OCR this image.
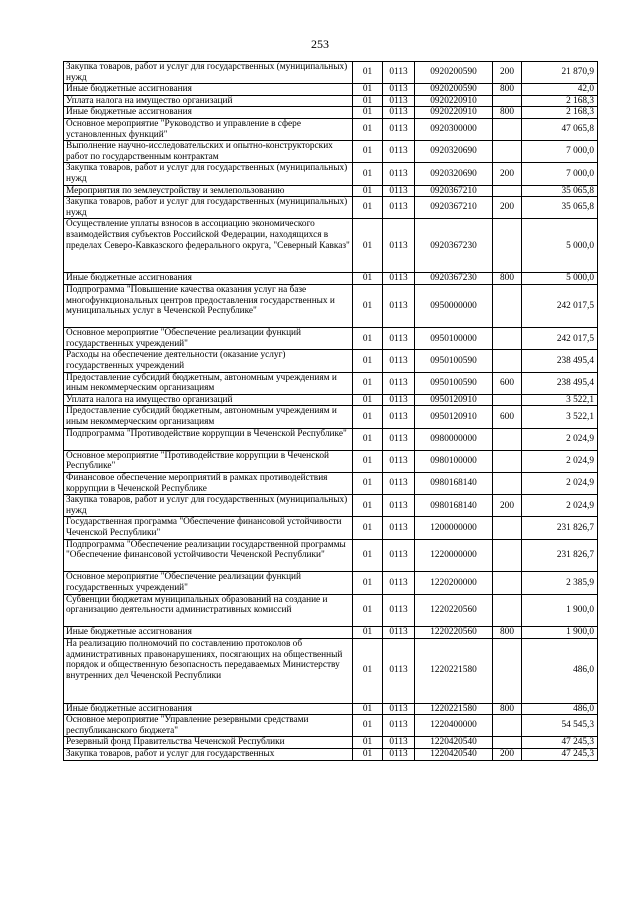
253
Закупка товаров, работ и услуг для государственных (муниципальных) нужд	01	0113	0920200590	200	21 870,9
Иные бюджетные ассигнования	01	0113	0920200590	800	42,0
Уплата налога на имущество организаций	01	0113	0920220910		2 168,3
Иные бюджетные ассигнования	01	0113	0920220910	800	2 168,3
Основное мероприятие "Руководство и управление в сфере установленных функций"	01	0113	0920300000		47 065,8
Выполнение научно-исследовательских и опытно-конструкторских работ по государственным контрактам	01	0113	0920320690		7 000,0
Закупка товаров, работ и услуг для государственных (муниципальных) нужд	01	0113	0920320690	200	7 000,0
Мероприятия по землеустройству и землепользованию	01	0113	0920367210		35 065,8
Закупка товаров, работ и услуг для государственных (муниципальных) нужд	01	0113	0920367210	200	35 065,8
Осуществление уплаты взносов в ассоциацию экономического взаимодействия субъектов Российской Федерации, находящихся в пределах Северо-Кавказского федерального округа, "Северный Кавказ"	01	0113	0920367230		5 000,0
Иные бюджетные ассигнования	01	0113	0920367230	800	5 000,0
Подпрограмма "Повышение качества оказания услуг на базе многофункциональных центров предоставления государственных и муниципальных услуг в Чеченской Республике"	01	0113	0950000000		242 017,5
Основное мероприятие "Обеспечение реализации функций государственных учреждений"	01	0113	0950100000		242 017,5
Расходы на обеспечение деятельности (оказание услуг) государственных учреждений	01	0113	0950100590		238 495,4
Предоставление субсидий бюджетным, автономным учреждениям и иным некоммерческим организациям	01	0113	0950100590	600	238 495,4
Уплата налога на имущество организаций	01	0113	0950120910		3 522,1
Предоставление субсидий бюджетным, автономным учреждениям и иным некоммерческим организациям	01	0113	0950120910	600	3 522,1
Подпрограмма "Противодействие коррупции в Чеченской Республике"	01	0113	0980000000		2 024,9
Основное мероприятие "Противодействие коррупции в Чеченской Республике"	01	0113	0980100000		2 024,9
Финансовое обеспечение мероприятий в рамках противодействия коррупции в Чеченской Республике	01	0113	0980168140		2 024,9
Закупка товаров, работ и услуг для государственных (муниципальных) нужд	01	0113	0980168140	200	2 024,9
Государственная программа "Обеспечение финансовой устойчивости Чеченской Республики"	01	0113	1200000000		231 826,7
Подпрограмма "Обеспечение реализации государственной программы "Обеспечение финансовой устойчивости Чеченской Республики"	01	0113	1220000000		231 826,7
Основное мероприятие "Обеспечение реализации функций государственных учреждений"	01	0113	1220200000		2 385,9
Субвенции бюджетам муниципальных образований на создание и организацию деятельности административных комиссий	01	0113	1220220560		1 900,0
Иные бюджетные ассигнования	01	0113	1220220560	800	1 900,0
На реализацию полномочий по составлению протоколов об административных правонарушениях, посягающих на общественный порядок и общественную безопасность передаваемых Министерству внутренних дел Чеченской Республики	01	0113	1220221580		486,0
Иные бюджетные ассигнования	01	0113	1220221580	800	486,0
Основное мероприятие "Управление резервными средствами республиканского бюджета"	01	0113	1220400000		54 545,3
Резервный фонд Правительства Чеченской Республики	01	0113	1220420540		47 245,3
Закупка товаров, работ и услуг для государственных	01	0113	1220420540	200	47 245,3
